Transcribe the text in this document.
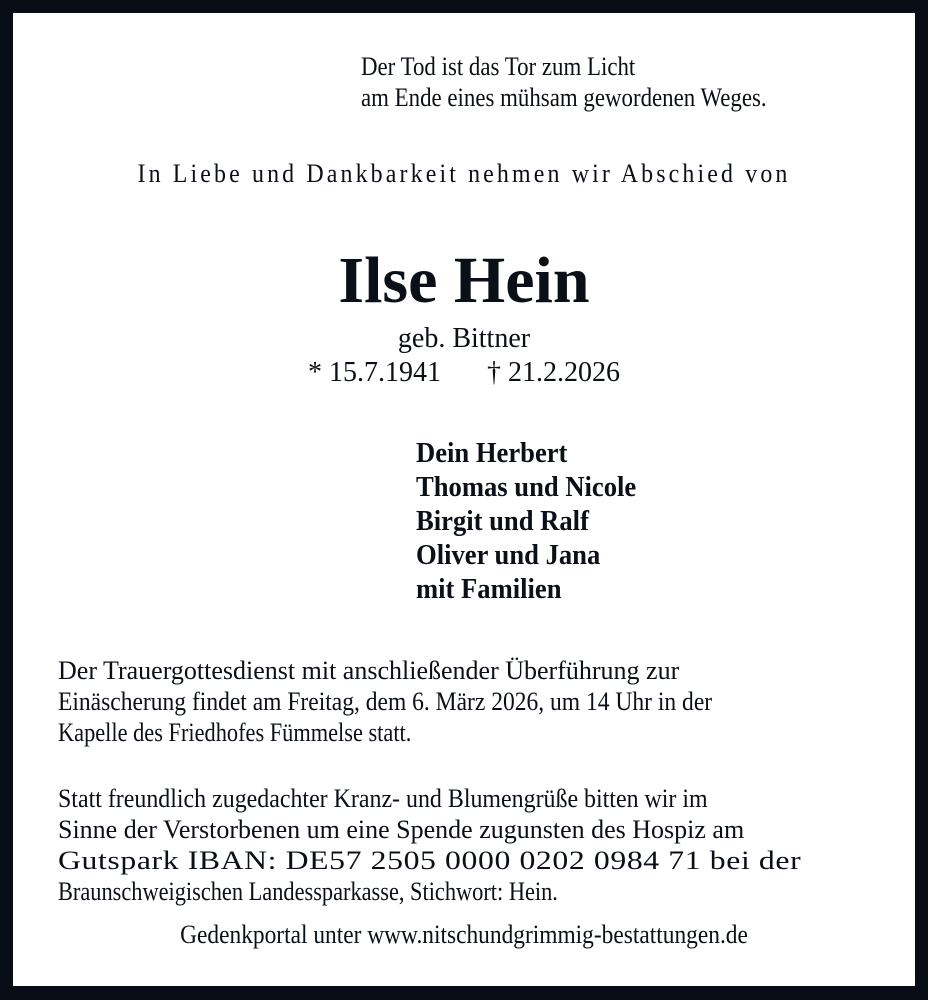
Der Tod ist das Tor zum Licht
am Ende eines mühsam gewordenen Weges.
In Liebe und Dankbarkeit nehmen wir Abschied von
Ilse Hein
geb. Bittner
* 15.7.1941 † 21.2.2026
Dein Herbert
Thomas und Nicole
Birgit und Ralf
Oliver und Jana
mit Familien
Der Trauergottesdienst mit anschließender Überführung zur
Einäscherung findet am Freitag, dem 6. März 2026, um 14 Uhr in der
Kapelle des Friedhofes Fümmelse statt.
Statt freundlich zugedachter Kranz- und Blumengrüße bitten wir im
Sinne der Verstorbenen um eine Spende zugunsten des Hospiz am
Gutspark IBAN: DE57 2505 0000 0202 0984 71 bei der
Braunschweigischen Landessparkasse, Stichwort: Hein.
Gedenkportal unter www.nitschundgrimmig-bestattungen.de
